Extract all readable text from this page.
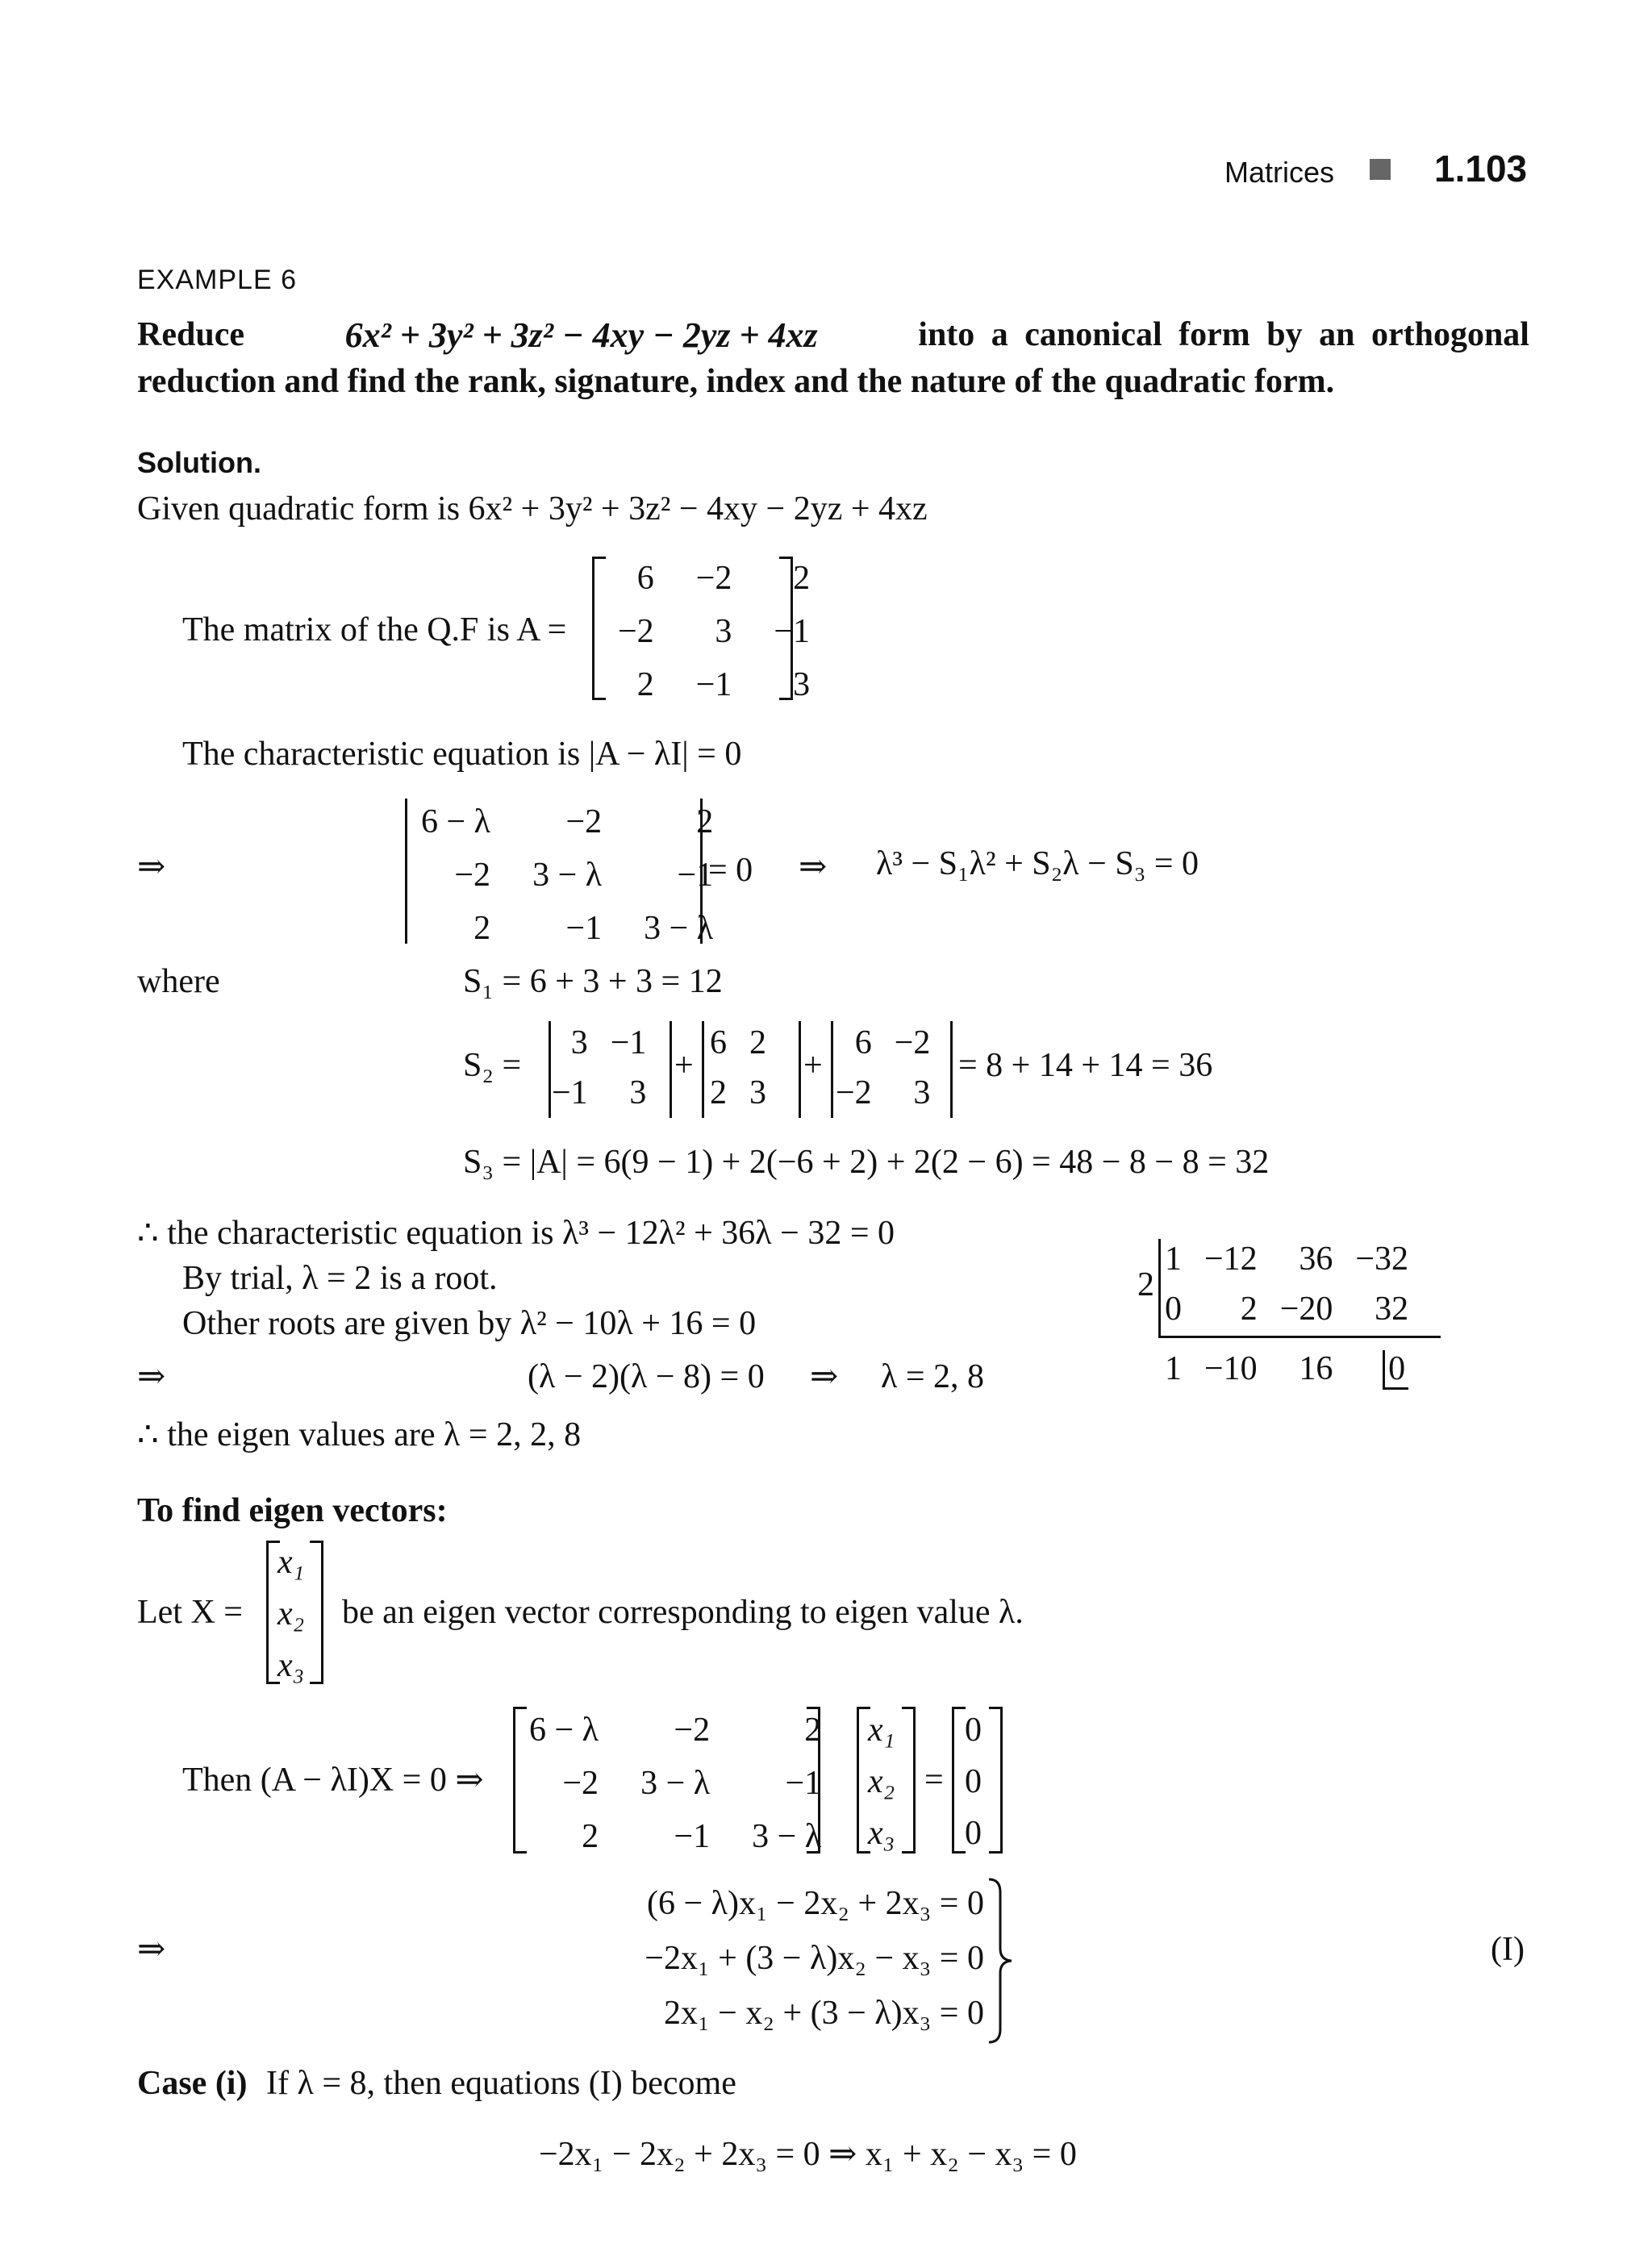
Matrices	1.103
EXAMPLE 6
Reduce	6x² + 3y² + 3z² − 4xy − 2yz + 4xz	into a canonical form by an orthogonal
reduction and find the rank, signature, index and the nature of the quadratic form.
Solution.
Given quadratic form is 6x² + 3y² + 3z² − 4xy − 2yz + 4xz
The matrix of the Q.F is A =
6	−2	2
−2	3	−1
2	−1	3
The characteristic equation is |A − λI| = 0
⇒
6 − λ	−2	2
−2	3 − λ	−1
2	−1	3 − λ
= 0 ⇒ λ³ − S₁λ² + S₂λ − S₃ = 0
where	S₁ = 6 + 3 + 3 = 12
S₂ =
3	−1
−1	3
+
6	2
2	3
+
6	−2
−2	3
= 8 + 14 + 14 = 36
S₃ = |A| = 6(9 − 1) + 2(−6 + 2) + 2(2 − 6) = 48 − 8 − 8 = 32
∴ the characteristic equation is λ³ − 12λ² + 36λ − 32 = 0
By trial, λ = 2 is a root.
Other roots are given by λ² − 10λ + 16 = 0
⇒	(λ − 2)(λ − 8) = 0 ⇒ λ = 2, 8
∴ the eigen values are λ = 2, 2, 8
2
1	−12	36	−32
0	2	−20	32
1	−10	16	0
To find eigen vectors:
Let X =
x₁
x₂
x₃
be an eigen vector corresponding to eigen value λ.
Then (A − λI)X = 0 ⇒
6 − λ	−2	2
−2	3 − λ	−1
2	−1	3 − λ
x₁
x₂
x₃
=
0
0
0
⇒
(6 − λ)x₁ − 2x₂ + 2x₃ = 0
−2x₁ + (3 − λ)x₂ − x₃ = 0
2x₁ − x₂ + (3 − λ)x₃ = 0
(I)
Case (i) If λ = 8, then equations (I) become
−2x₁ − 2x₂ + 2x₃ = 0 ⇒ x₁ + x₂ − x₃ = 0
